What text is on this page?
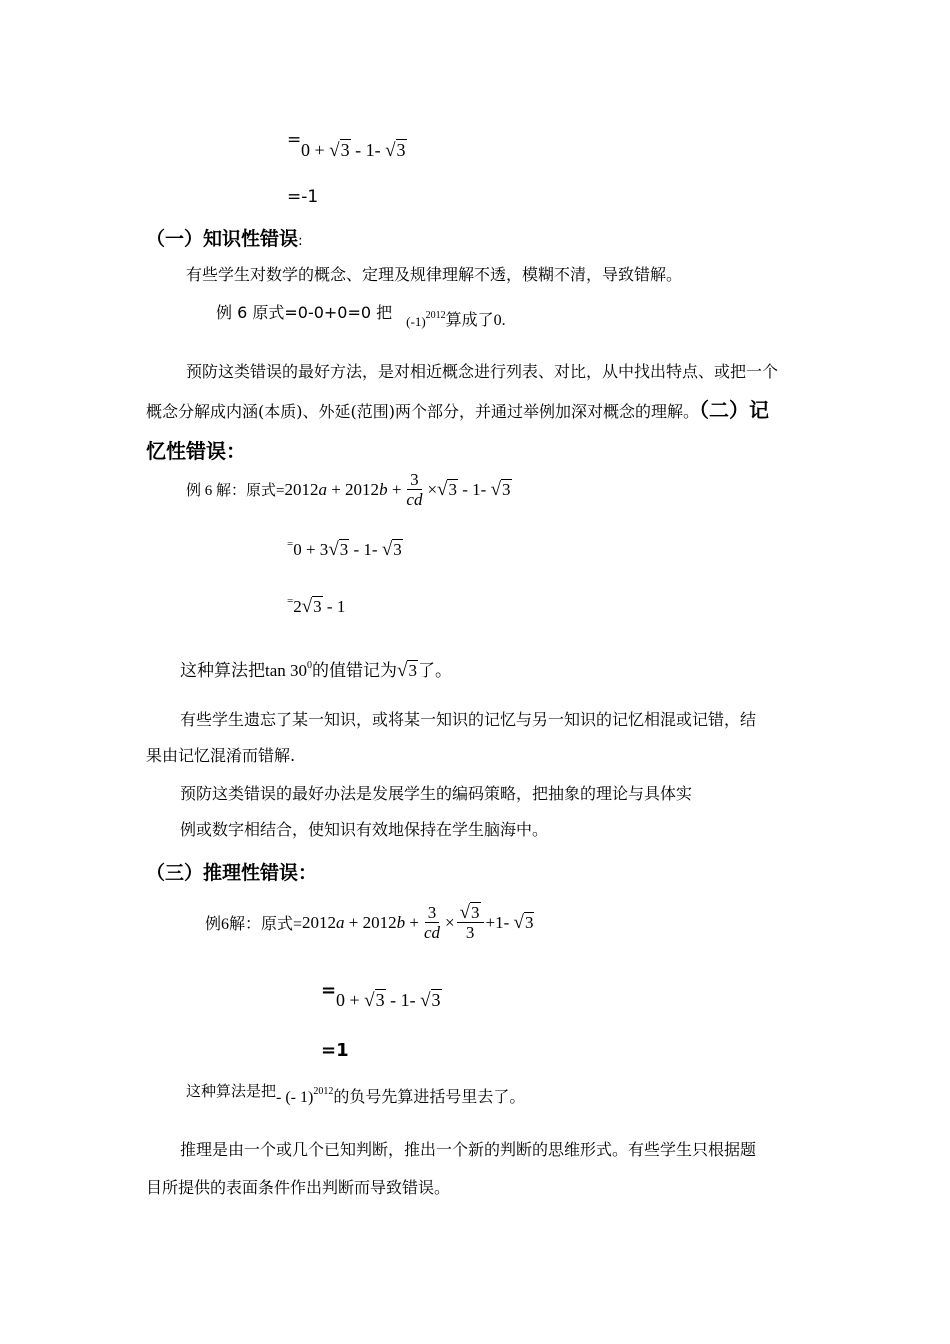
= 0 + √3 - 1- √3
=-1
（一）知识性错误:
有些学生对数学的概念、定理及规律理解不透，模糊不清，导致错解。
例 6 原式=0-0+0=0 把 $_{(-1)^{2012}}$算成了0.
预防这类错误的最好方法，是对相近概念进行列表、对比，从中找出特点、或把一个
概念分解成内涵(本质)、外延(范围)两个部分，并通过举例加深对概念的理解。（二）记
忆性错误：
例 6 解：原式= $2012a + 2012b + \frac{3}{cd} \times√3 - 1-$ √3
=0 + 3√3 - 1- √3
=2√3 - 1
这种算法把$\tan 30^0$的值错记为√3了。
有些学生遗忘了某一知识，或将某一知识的记忆与另一知识的记忆相混或记错，结
果由记忆混淆而错解.
预防这类错误的最好办法是发展学生的编码策略，把抽象的理论与具体实
例或数字相结合，使知识有效地保持在学生脑海中。
（三）推理性错误：
例6解：原式= $2012a + 2012b + \frac{3}{cd} \times \frac{√3}{3} +1-$ √3
= 0 + √3 - 1- √3
=1
这种算法是把- (- 1)$^{2012}$的负号先算进括号里去了。
推理是由一个或几个已知判断，推出一个新的判断的思维形式。有些学生只根据题
目所提供的表面条件作出判断而导致错误。
